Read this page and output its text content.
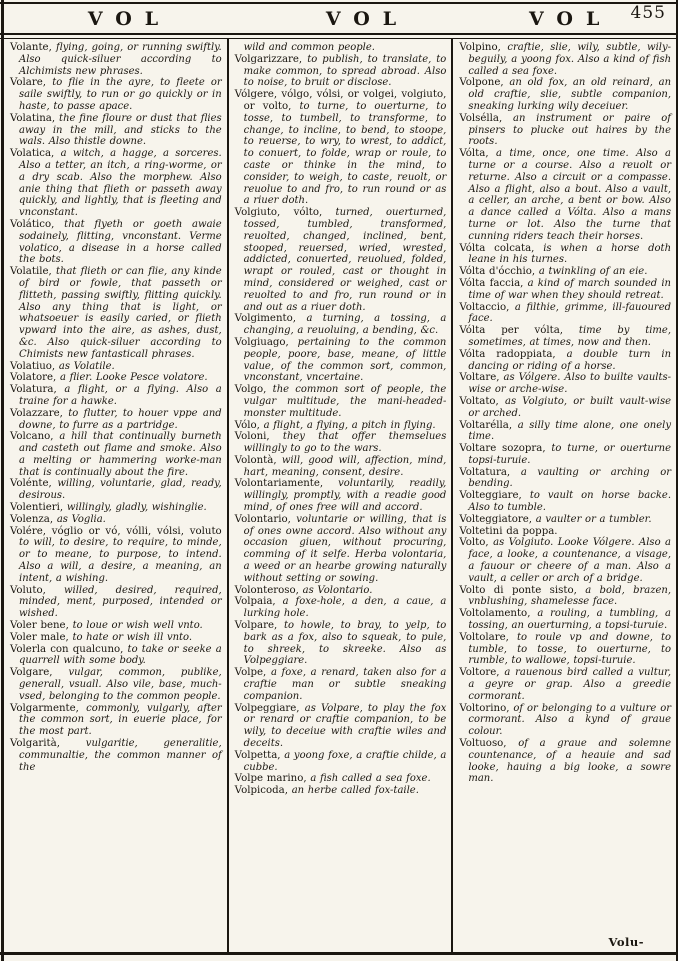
VOL	VOL	VOL	455
Volante, flying, going, or running swiftly. Also quick-siluer according to Alchimists new phrases.
Volare, to flie in the ayre, to fleete or saile swiftly, to run or go quickly or in haste, to passe apace.
Volatina, the fine floure or dust that flies away in the mill, and sticks to the wals. Also thistle downe.
Volatica, a witch, a hagge, a sorceres. Also a tetter, an itch, a ring-worme, or a dry scab. Also the morphew. Also anie thing that flieth or passeth away quickly, and lightly, that is fleeting and vnconstant.
Volático, that flyeth or goeth awaie sodainely, flitting, vnconstant. Verme volatico, a disease in a horse called the bots.
Volatile, that flieth or can flie, any kinde of bird or fowle, that passeth or flitteth, passing swiftly, flitting quickly. Also any thing that is light, or whatsoeuer is easily caried, or flieth vpward into the aire, as ashes, dust, &c. Also quick-siluer according to Chimists new fantasticall phrases.
Volatiuo, as Volatile.
Volatore, a flier. Looke Pesce volatore.
Volatura, a flight, or a flying. Also a traine for a hawke.
Volazzare, to flutter, to houer vppe and downe, to furre as a partridge.
Volcano, a hill that continually burneth and casteth out flame and smoke. Also a melting or hammering worke-man that is continually about the fire.
Volénte, willing, voluntarie, glad, ready, desirous.
Volentieri, willingly, gladly, wishinglie.
Volenza, as Voglia.
Volére, vóglio or vó, vólli, vólsi, voluto to will, to desire, to require, to minde, or to meane, to purpose, to intend. Also a will, a desire, a meaning, an intent, a wishing.
Voluto, willed, desired, required, minded, ment, purposed, intended or wished.
Voler bene, to loue or wish well vnto.
Voler male, to hate or wish ill vnto.
Volerla con qualcuno, to take or seeke a quarrell with some body.
Volgare, vulgar, common, publike, generall, vsuall. Also vile, base, much-vsed, belonging to the common people.
Volgarmente, commonly, vulgarly, after the common sort, in euerie place, for the most part.
Volgarità, vulgaritie, generalitie, communaltie, the common manner of the
wild and common people.
Volgarizzare, to publish, to translate, to make common, to spread abroad. Also to noise, to bruit or disclose.
Vólgere, vólgo, vólsi, or volgei, volgiuto, or volto, to turne, to ouerturne, to tosse, to tumbell, to transforme, to change, to incline, to bend, to stoope, to reuerse, to wry, to wrest, to addict, to conuert, to folde, wrap or roule, to caste or thinke in the mind, to consider, to weigh, to caste, reuolt, or reuolue to and fro, to run round or as a riuer doth.
Volgiuto, vólto, turned, ouerturned, tossed, tumbled, transformed, reuolted, changed, inclined, bent, stooped, reuersed, wried, wrested, addicted, conuerted, reuolued, folded, wrapt or rouled, cast or thought in mind, considered or weighed, cast or reuolted to and fro, run round or in and out as a riuer doth.
Volgimento, a turning, a tossing, a changing, a reuoluing, a bending, &c.
Volgiuago, pertaining to the common people, poore, base, meane, of little value, of the common sort, common, vnconstant, vncertaine.
Volgo, the common sort of people, the vulgar multitude, the mani-headed-monster multitude.
Vólo, a flight, a flying, a pitch in flying.
Voloni, they that offer themselues willingly to go to the wars.
Volontà, will, good will, affection, mind, hart, meaning, consent, desire.
Volontariamente, voluntarily, readily, willingly, promptly, with a readie good mind, of ones free will and accord.
Volontario, voluntarie or willing, that is of ones owne accord. Also without any occasion giuen, without procuring, comming of it selfe. Herba volontaria, a weed or an hearbe growing naturally without setting or sowing.
Volonteroso, as Volontario.
Volpaia, a foxe-hole, a den, a caue, a lurking hole.
Volpare, to howle, to bray, to yelp, to bark as a fox, also to squeak, to pule, to shreek, to skreeke. Also as Volpeggiare.
Volpe, a foxe, a renard, taken also for a craftie man or subtle sneaking companion.
Volpeggiare, as Volpare, to play the fox or renard or craftie companion, to be wily, to deceiue with craftie wiles and deceits.
Volpetta, a yoong foxe, a craftie childe, a cubbe.
Volpe marino, a fish called a sea foxe.
Volpicoda, an herbe called fox-taile.
Volpino, craftie, slie, wily, subtle, wily-beguily, a yoong fox. Also a kind of fish called a sea foxe.
Volpone, an old fox, an old reinard, an old craftie, slie, subtle companion, sneaking lurking wily deceiuer.
Volsélla, an instrument or paire of pinsers to plucke out haires by the roots.
Vólta, a time, once, one time. Also a turne or a course. Also a reuolt or returne. Also a circuit or a compasse. Also a flight, also a bout. Also a vault, a celler, an arche, a bent or bow. Also a dance called a Vólta. Also a mans turne or lot. Also the turne that cunning riders teach their horses.
Vólta colcata, is when a horse doth leane in his turnes.
Vólta d'ócchio, a twinkling of an eie.
Vólta faccia, a kind of march sounded in time of war when they should retreat.
Voltaccio, a filthie, grimme, ill-fauoured face.
Vólta per vólta, time by time, sometimes, at times, now and then.
Vólta radoppiata, a double turn in dancing or riding of a horse.
Voltare, as Vólgere. Also to builte vaults-wise or arche-wise.
Voltato, as Volgiuto, or built vault-wise or arched.
Voltarélla, a silly time alone, one onely time.
Voltare sozopra, to turne, or ouerturne topsi-turuie.
Voltatura, a vaulting or arching or bending.
Volteggiare, to vault on horse backe. Also to tumble.
Volteggiatore, a vaulter or a tumbler.
Voltetini da poppa.
Volto, as Volgiuto. Looke Vólgere. Also a face, a looke, a countenance, a visage, a fauour or cheere of a man. Also a vault, a celler or arch of a bridge.
Volto di ponte sisto, a bold, brazen, vnblushing, shamelesse face.
Voltolamento, a rouling, a tumbling, a tossing, an ouerturning, a topsi-turuie.
Voltolare, to roule vp and downe, to tumble, to tosse, to ouerturne, to rumble, to wallowe, topsi-turuie.
Voltore, a rauenous bird called a vultur, a geyre or grap. Also a greedie cormorant.
Voltorino, of or belonging to a vulture or cormorant. Also a kynd of graue colour.
Voltuoso, of a graue and solemne countenance, of a heauie and sad looke, hauing a big looke, a sowre man.
Volu-
